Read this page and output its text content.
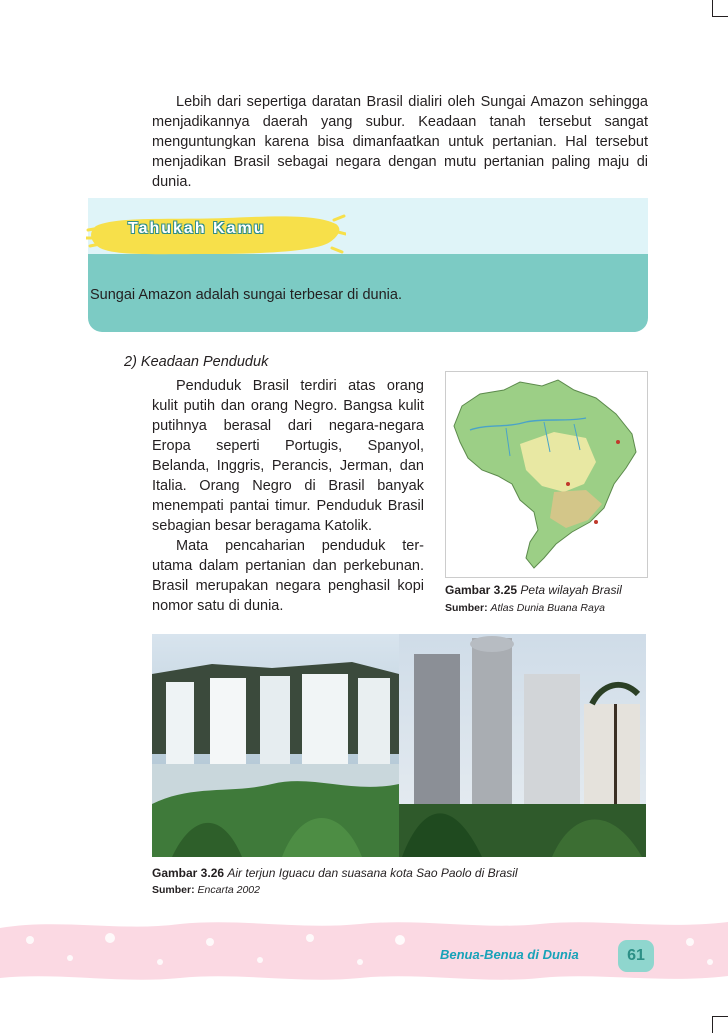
Lebih dari sepertiga daratan Brasil dialiri oleh Sungai Amazon sehingga

menjadikannya daerah yang subur. Keadaan tanah tersebut sangat

menguntungkan karena bisa dimanfaatkan untuk pertanian. Hal tersebut

menjadikan Brasil sebagai negara dengan mutu pertanian paling maju di

dunia.

Tahukah Kamu
Sungai Amazon adalah sungai terbesar di dunia.
2) Keadaan Penduduk

Penduduk Brasil terdiri atas orang

kulit putih dan orang Negro. Bangsa kulit

putihnya berasal dari negara-negara

Eropa seperti Portugis, Spanyol,

Belanda, Inggris, Perancis, Jerman, dan

Italia. Orang Negro di Brasil banyak

menempati pantai timur. Penduduk Brasil

sebagian besar beragama Katolik.

Mata pencaharian penduduk ter-

utama dalam pertanian dan perkebunan.

Brasil merupakan negara penghasil kopi

nomor satu di dunia.

Gambar 3.25 Peta wilayah Brasil
Sumber: Atlas Dunia Buana Raya
Gambar 3.26 Air terjun Iguacu dan suasana kota Sao Paolo di Brasil
Sumber: Encarta 2002
Benua-Benua di Dunia	61
